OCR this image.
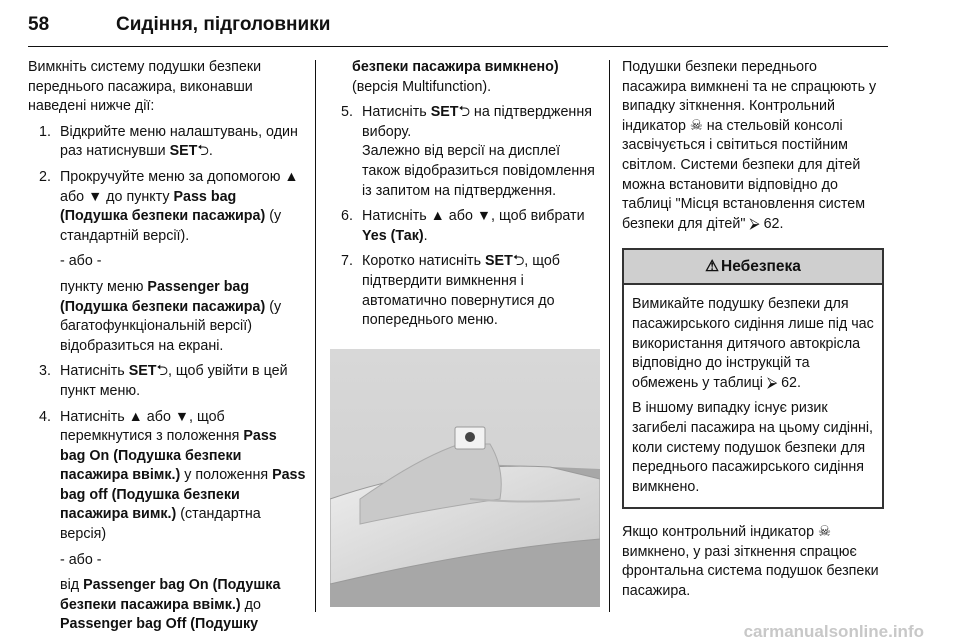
58	Сидіння, підголовники

Вимкніть систему подушки безпеки переднього пасажира, виконавши наведені нижче дії:

1. Відкрийте меню налаштувань, один раз натиснувши SET⮌.
2. Прокручуйте меню за допомогою ▲ або ▼ до пункту Pass bag (Подушка безпеки пасажира) (у стандартній версії).

- або -

пункту меню Passenger bag (Подушка безпеки пасажира) (у багатофункціональній версії) відобразиться на екрані.

3. Натисніть SET⮌, щоб увійти в цей пункт меню.
4. Натисніть ▲ або ▼, щоб перемкнутися з положення Pass bag On (Подушка безпеки пасажира ввімк.) у положення Pass bag off (Подушка безпеки пасажира вимк.) (стандартна версія)

- або -

від Passenger bag On (Подушка безпеки пасажира ввімк.) до Passenger bag Off (Подушку

безпеки пасажира вимкнено) (версія Multifunction).

5. Натисніть SET⮌ на підтвердження вибору.
Залежно від версії на дисплеї також відобразиться повідомлення із запитом на підтвердження.
6. Натисніть ▲ або ▼, щоб вибрати Yes (Так).
7. Коротко натисніть SET⮌, щоб підтвердити вимкнення і автоматично повернутися до попереднього меню.

Подушки безпеки переднього пасажира вимкнені та не спрацюють у випадку зіткнення. Контрольний індикатор ☠ на стельовій консолі засвічується і світиться постійним світлом. Системи безпеки для дітей можна встановити відповідно до таблиці "Місця встановлення систем безпеки для дітей" ⮚ 62.

⚠ Небезпека

Вимикайте подушку безпеки для пасажирського сидіння лише під час використання дитячого автокрісла відповідно до інструкцій та обмежень у таблиці ⮚ 62.

В іншому випадку існує ризик загибелі пасажира на цьому сидінні, коли систему подушок безпеки для переднього пасажирського сидіння вимкнено.

Якщо контрольний індикатор ☠ вимкнено, у разі зіткнення спрацює фронтальна система подушок безпеки пасажира.

carmanualsonline.info
